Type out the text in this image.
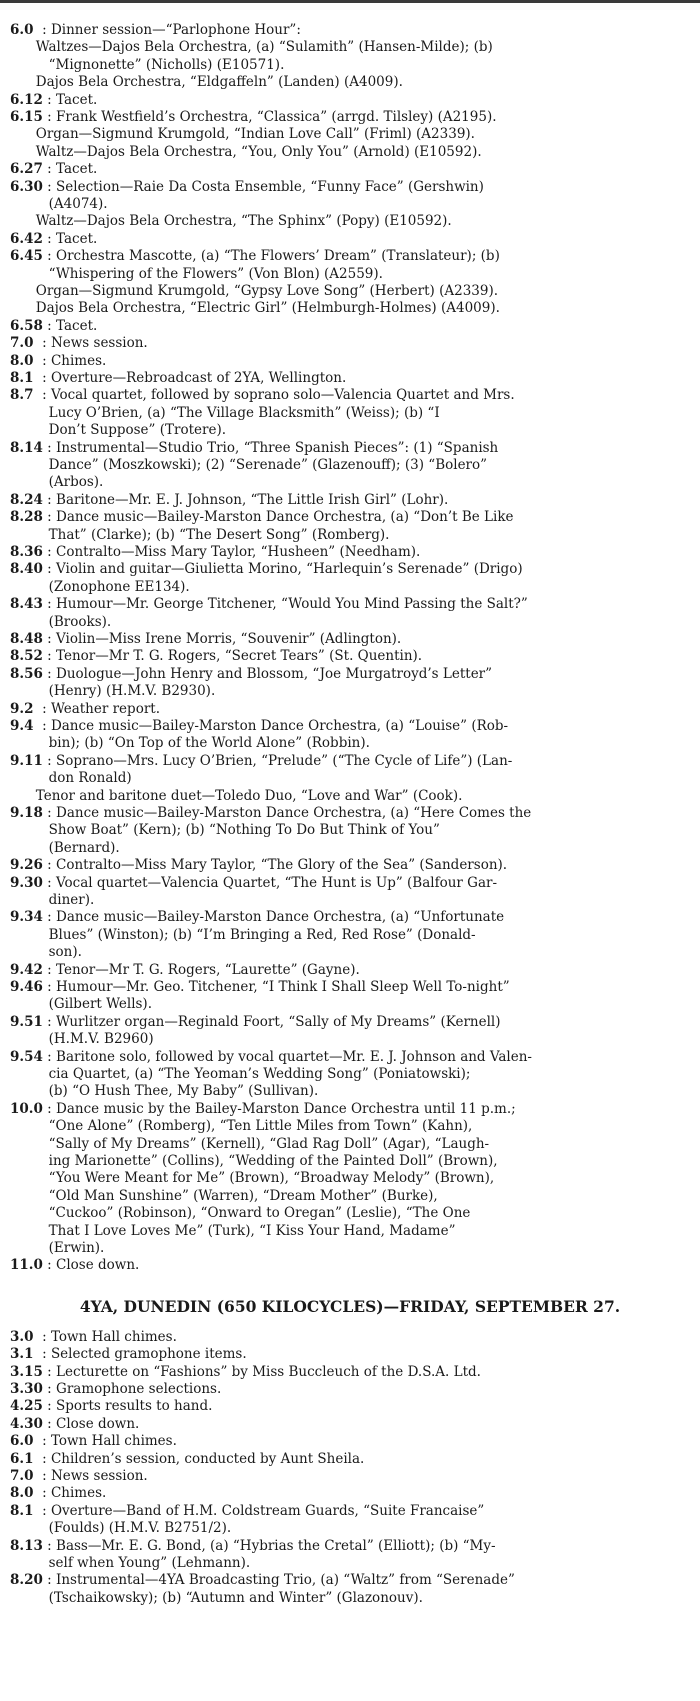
6.0  : Dinner session—“Parlophone Hour”:
Waltzes—Dajos Bela Orchestra, (a) “Sulamith” (Hansen-Milde); (b)
“Mignonette” (Nicholls) (E10571).
Dajos Bela Orchestra, “Eldgaffeln” (Landen) (A4009).
6.12 : Tacet.
6.15 : Frank Westfield’s Orchestra, “Classica” (arrgd. Tilsley) (A2195).
Organ—Sigmund Krumgold, “Indian Love Call” (Friml) (A2339).
Waltz—Dajos Bela Orchestra, “You, Only You” (Arnold) (E10592).
6.27 : Tacet.
6.30 : Selection—Raie Da Costa Ensemble, “Funny Face” (Gershwin)
(A4074).
Waltz—Dajos Bela Orchestra, “The Sphinx” (Popy) (E10592).
6.42 : Tacet.
6.45 : Orchestra Mascotte, (a) “The Flowers’ Dream” (Translateur); (b)
“Whispering of the Flowers” (Von Blon) (A2559).
Organ—Sigmund Krumgold, “Gypsy Love Song” (Herbert) (A2339).
Dajos Bela Orchestra, “Electric Girl” (Helmburgh-Holmes) (A4009).
6.58 : Tacet.
7.0  : News session.
8.0  : Chimes.
8.1  : Overture—Rebroadcast of 2YA, Wellington.
8.7  : Vocal quartet, followed by soprano solo—Valencia Quartet and Mrs.
Lucy O’Brien, (a) “The Village Blacksmith” (Weiss); (b) “I
Don’t Suppose” (Trotere).
8.14 : Instrumental—Studio Trio, “Three Spanish Pieces”: (1) “Spanish
Dance” (Moszkowski); (2) “Serenade” (Glazenouff); (3) “Bolero”
(Arbos).
8.24 : Baritone—Mr. E. J. Johnson, “The Little Irish Girl” (Lohr).
8.28 : Dance music—Bailey-Marston Dance Orchestra, (a) “Don’t Be Like
That” (Clarke); (b) “The Desert Song” (Romberg).
8.36 : Contralto—Miss Mary Taylor, “Husheen” (Needham).
8.40 : Violin and guitar—Giulietta Morino, “Harlequin’s Serenade” (Drigo)
(Zonophone EE134).
8.43 : Humour—Mr. George Titchener, “Would You Mind Passing the Salt?”
(Brooks).
8.48 : Violin—Miss Irene Morris, “Souvenir” (Adlington).
8.52 : Tenor—Mr T. G. Rogers, “Secret Tears” (St. Quentin).
8.56 : Duologue—John Henry and Blossom, “Joe Murgatroyd’s Letter”
(Henry) (H.M.V. B2930).
9.2  : Weather report.
9.4  : Dance music—Bailey-Marston Dance Orchestra, (a) “Louise” (Rob-
bin); (b) “On Top of the World Alone” (Robbin).
9.11 : Soprano—Mrs. Lucy O’Brien, “Prelude” (“The Cycle of Life”) (Lan-
don Ronald)
Tenor and baritone duet—Toledo Duo, “Love and War” (Cook).
9.18 : Dance music—Bailey-Marston Dance Orchestra, (a) “Here Comes the
Show Boat” (Kern); (b) “Nothing To Do But Think of You”
(Bernard).
9.26 : Contralto—Miss Mary Taylor, “The Glory of the Sea” (Sanderson).
9.30 : Vocal quartet—Valencia Quartet, “The Hunt is Up” (Balfour Gar-
diner).
9.34 : Dance music—Bailey-Marston Dance Orchestra, (a) “Unfortunate
Blues” (Winston); (b) “I’m Bringing a Red, Red Rose” (Donald-
son).
9.42 : Tenor—Mr T. G. Rogers, “Laurette” (Gayne).
9.46 : Humour—Mr. Geo. Titchener, “I Think I Shall Sleep Well To-night”
(Gilbert Wells).
9.51 : Wurlitzer organ—Reginald Foort, “Sally of My Dreams” (Kernell)
(H.M.V. B2960)
9.54 : Baritone solo, followed by vocal quartet—Mr. E. J. Johnson and Valen-
cia Quartet, (a) “The Yeoman’s Wedding Song” (Poniatowski);
(b) “O Hush Thee, My Baby” (Sullivan).
10.0 : Dance music by the Bailey-Marston Dance Orchestra until 11 p.m.;
“One Alone” (Romberg), “Ten Little Miles from Town” (Kahn),
“Sally of My Dreams” (Kernell), “Glad Rag Doll” (Agar), “Laugh-
ing Marionette” (Collins), “Wedding of the Painted Doll” (Brown),
“You Were Meant for Me” (Brown), “Broadway Melody” (Brown),
“Old Man Sunshine” (Warren), “Dream Mother” (Burke),
“Cuckoo” (Robinson), “Onward to Oregan” (Leslie), “The One
That I Love Loves Me” (Turk), “I Kiss Your Hand, Madame”
(Erwin).
11.0 : Close down.
4YA, DUNEDIN (650 KILOCYCLES)—FRIDAY, SEPTEMBER 27.
3.0  : Town Hall chimes.
3.1  : Selected gramophone items.
3.15 : Lecturette on “Fashions” by Miss Buccleuch of the D.S.A. Ltd.
3.30 : Gramophone selections.
4.25 : Sports results to hand.
4.30 : Close down.
6.0  : Town Hall chimes.
6.1  : Children’s session, conducted by Aunt Sheila.
7.0  : News session.
8.0  : Chimes.
8.1  : Overture—Band of H.M. Coldstream Guards, “Suite Francaise”
(Foulds) (H.M.V. B2751/2).
8.13 : Bass—Mr. E. G. Bond, (a) “Hybrias the Cretal” (Elliott); (b) “My-
self when Young” (Lehmann).
8.20 : Instrumental—4YA Broadcasting Trio, (a) “Waltz” from “Serenade”
(Tschaikowsky); (b) “Autumn and Winter” (Glazonouv).
